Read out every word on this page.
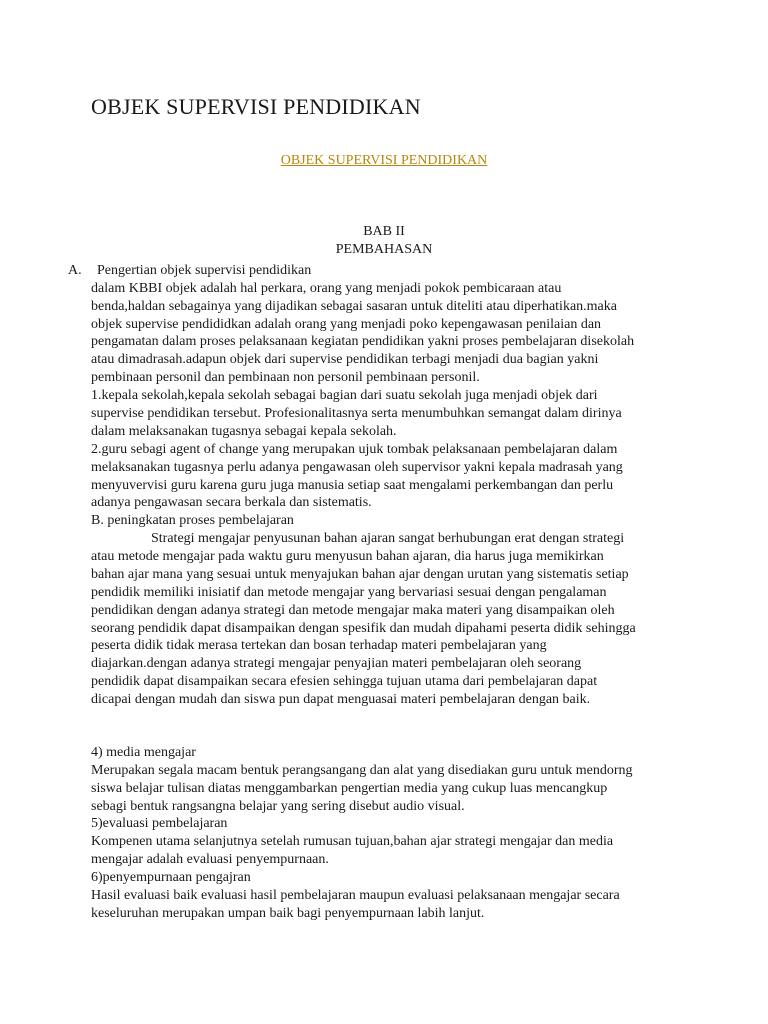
OBJEK SUPERVISI PENDIDIKAN
OBJEK SUPERVISI PENDIDIKAN
BAB II
PEMBAHASAN
A. Pengertian objek supervisi pendidikan
dalam KBBI objek adalah hal perkara, orang yang menjadi pokok pembicaraan atau
benda,haldan sebagainya yang dijadikan sebagai sasaran untuk diteliti atau diperhatikan.maka
objek supervise pendididkan adalah orang yang menjadi poko kepengawasan penilaian dan
pengamatan dalam proses pelaksanaan kegiatan pendidikan yakni proses pembelajaran disekolah
atau dimadrasah.adapun objek dari supervise pendidikan terbagi menjadi dua bagian yakni
pembinaan personil dan pembinaan non personil pembinaan personil.
1.kepala sekolah,kepala sekolah sebagai bagian dari suatu sekolah juga menjadi objek dari
supervise pendidikan tersebut. Profesionalitasnya serta menumbuhkan semangat dalam dirinya
dalam melaksanakan tugasnya sebagai kepala sekolah.
2.guru sebagi agent of change yang merupakan ujuk tombak pelaksanaan pembelajaran dalam
melaksanakan tugasnya perlu adanya pengawasan oleh supervisor yakni kepala madrasah yang
menyuvervisi guru karena guru juga manusia setiap saat mengalami perkembangan dan perlu
adanya pengawasan secara berkala dan sistematis.
B. peningkatan proses pembelajaran
Strategi mengajar penyusunan bahan ajaran sangat berhubungan erat dengan strategi
atau metode mengajar pada waktu guru menyusun bahan ajaran, dia harus juga memikirkan
bahan ajar mana yang sesuai untuk menyajukan bahan ajar dengan urutan yang sistematis setiap
pendidik memiliki inisiatif dan metode mengajar yang bervariasi sesuai dengan pengalaman
pendidikan dengan adanya strategi dan metode mengajar maka materi yang disampaikan oleh
seorang pendidik dapat disampaikan dengan spesifik dan mudah dipahami peserta didik sehingga
peserta didik tidak merasa tertekan dan bosan terhadap materi pembelajaran yang
diajarkan.dengan adanya strategi mengajar penyajian materi pembelajaran oleh seorang
pendidik dapat disampaikan secara efesien sehingga tujuan utama dari pembelajaran dapat
dicapai dengan mudah dan siswa pun dapat menguasai materi pembelajaran dengan baik.
4) media mengajar
Merupakan segala macam bentuk perangsangang dan alat yang disediakan guru untuk mendorng
siswa belajar tulisan diatas menggambarkan pengertian media yang cukup luas mencangkup
sebagi bentuk rangsangna belajar yang sering disebut audio visual.
5)evaluasi pembelajaran
Kompenen utama selanjutnya setelah rumusan tujuan,bahan ajar strategi mengajar dan media
mengajar adalah evaluasi penyempurnaan.
6)penyempurnaan pengajran
Hasil evaluasi baik evaluasi hasil pembelajaran maupun evaluasi pelaksanaan mengajar secara
keseluruhan merupakan umpan baik bagi penyempurnaan labih lanjut.
